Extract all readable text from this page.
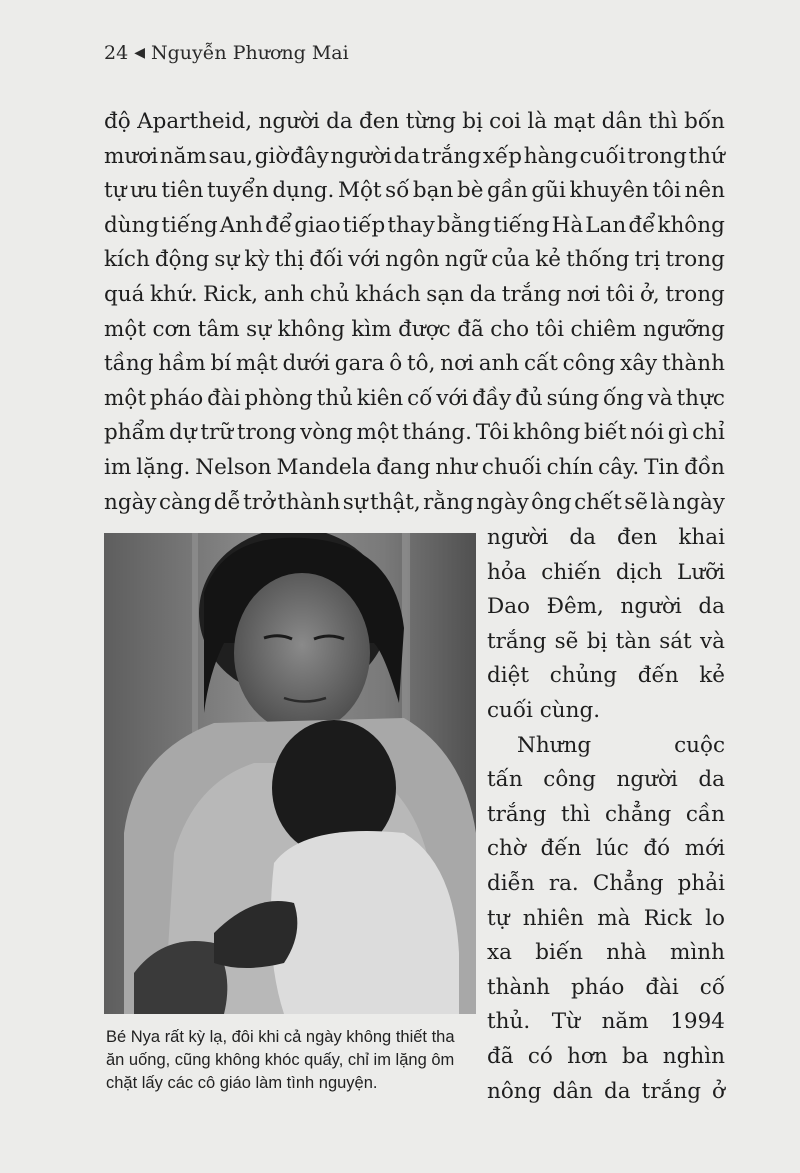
24 ◀ Nguyễn Phương Mai
độ Apartheid, người da đen từng bị coi là mạt dân thì bốn
mươi năm sau, giờ đây người da trắng xếp hàng cuối trong thứ
tự ưu tiên tuyển dụng. Một số bạn bè gần gũi khuyên tôi nên
dùng tiếng Anh để giao tiếp thay bằng tiếng Hà Lan để không
kích động sự kỳ thị đối với ngôn ngữ của kẻ thống trị trong
quá khứ. Rick, anh chủ khách sạn da trắng nơi tôi ở, trong
một cơn tâm sự không kìm được đã cho tôi chiêm ngưỡng
tầng hầm bí mật dưới gara ô tô, nơi anh cất công xây thành
một pháo đài phòng thủ kiên cố với đầy đủ súng ống và thực
phẩm dự trữ trong vòng một tháng. Tôi không biết nói gì chỉ
im lặng. Nelson Mandela đang như chuối chín cây. Tin đồn
ngày càng dễ trở thành sự thật, rằng ngày ông chết sẽ là ngày
người da đen khai
hỏa chiến dịch Lưỡi
Dao Đêm, người da
trắng sẽ bị tàn sát và
diệt chủng đến kẻ
cuối cùng.
Nhưng	cuộc
tấn công người da
trắng thì chẳng cần
chờ đến lúc đó mới
diễn ra. Chẳng phải
tự nhiên mà Rick lo
xa biến nhà mình
thành pháo đài cố
thủ. Từ năm 1994
đã có hơn ba nghìn
nông dân da trắng ở
Bé Nya rất kỳ lạ, đôi khi cả ngày không thiết tha
ăn uống, cũng không khóc quấy, chỉ im lặng ôm
chặt lấy các cô giáo làm tình nguyện.
